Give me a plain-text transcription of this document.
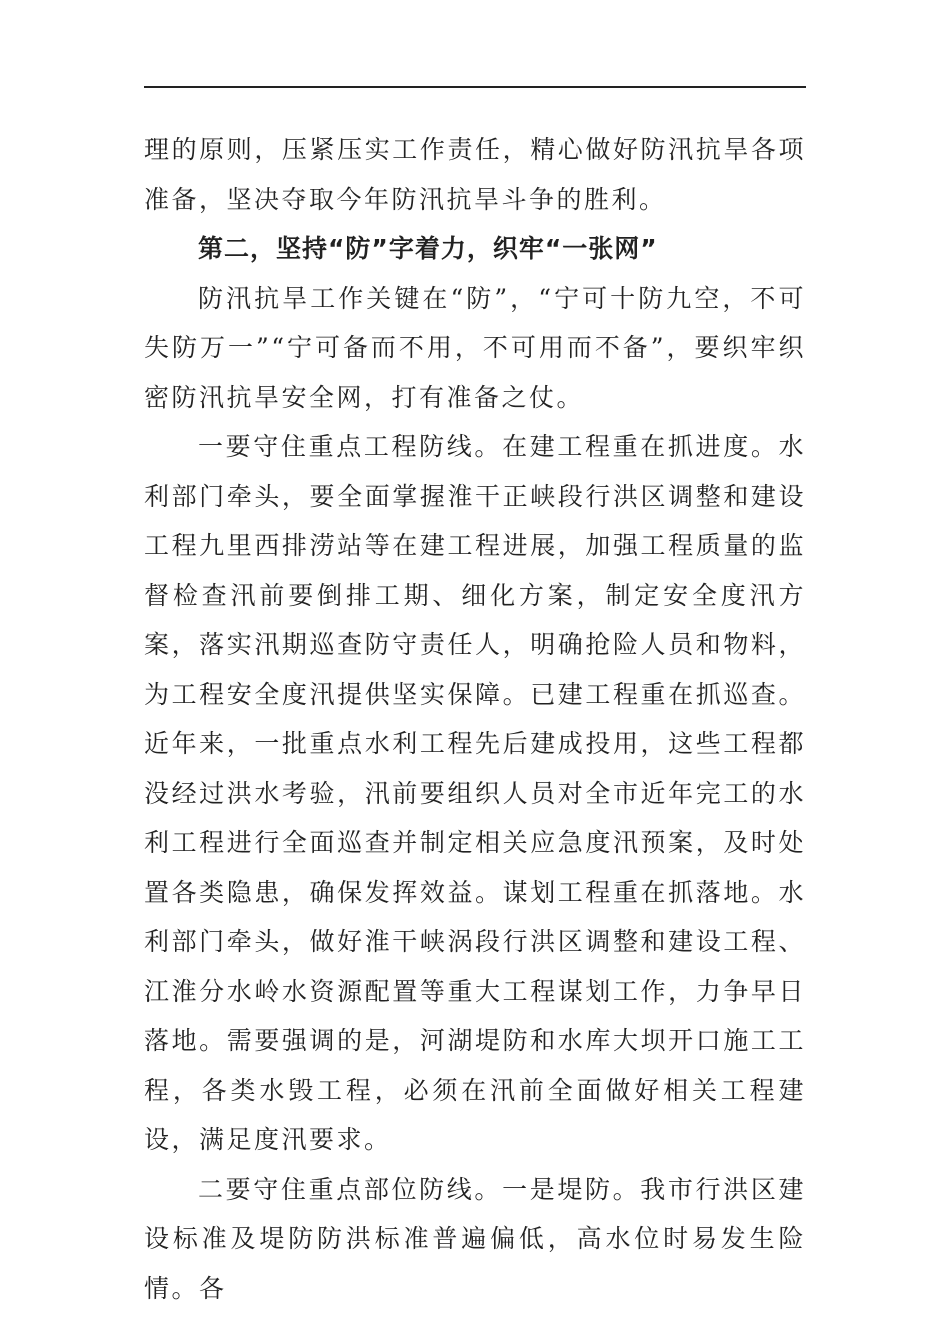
理的原则，压紧压实工作责任，精心做好防汛抗旱各项准备，坚决夺取今年防汛抗旱斗争的胜利。

第二，坚持“防”字着力，织牢“一张网”

防汛抗旱工作关键在“防”，“宁可十防九空，不可失防万一”“宁可备而不用，不可用而不备”，要织牢织密防汛抗旱安全网，打有准备之仗。

一要守住重点工程防线。在建工程重在抓进度。水利部门牵头，要全面掌握淮干正峡段行洪区调整和建设工程九里西排涝站等在建工程进展，加强工程质量的监督检查汛前要倒排工期、细化方案，制定安全度汛方案，落实汛期巡查防守责任人，明确抢险人员和物料，为工程安全度汛提供坚实保障。已建工程重在抓巡查。近年来，一批重点水利工程先后建成投用，这些工程都没经过洪水考验，汛前要组织人员对全市近年完工的水利工程进行全面巡查并制定相关应急度汛预案，及时处置各类隐患，确保发挥效益。谋划工程重在抓落地。水利部门牵头，做好淮干峡涡段行洪区调整和建设工程、江淮分水岭水资源配置等重大工程谋划工作，力争早日落地。需要强调的是，河湖堤防和水库大坝开口施工工程，各类水毁工程，必须在汛前全面做好相关工程建设，满足度汛要求。

二要守住重点部位防线。一是堤防。我市行洪区建设标准及堤防防洪标准普遍偏低，高水位时易发生险情。各
